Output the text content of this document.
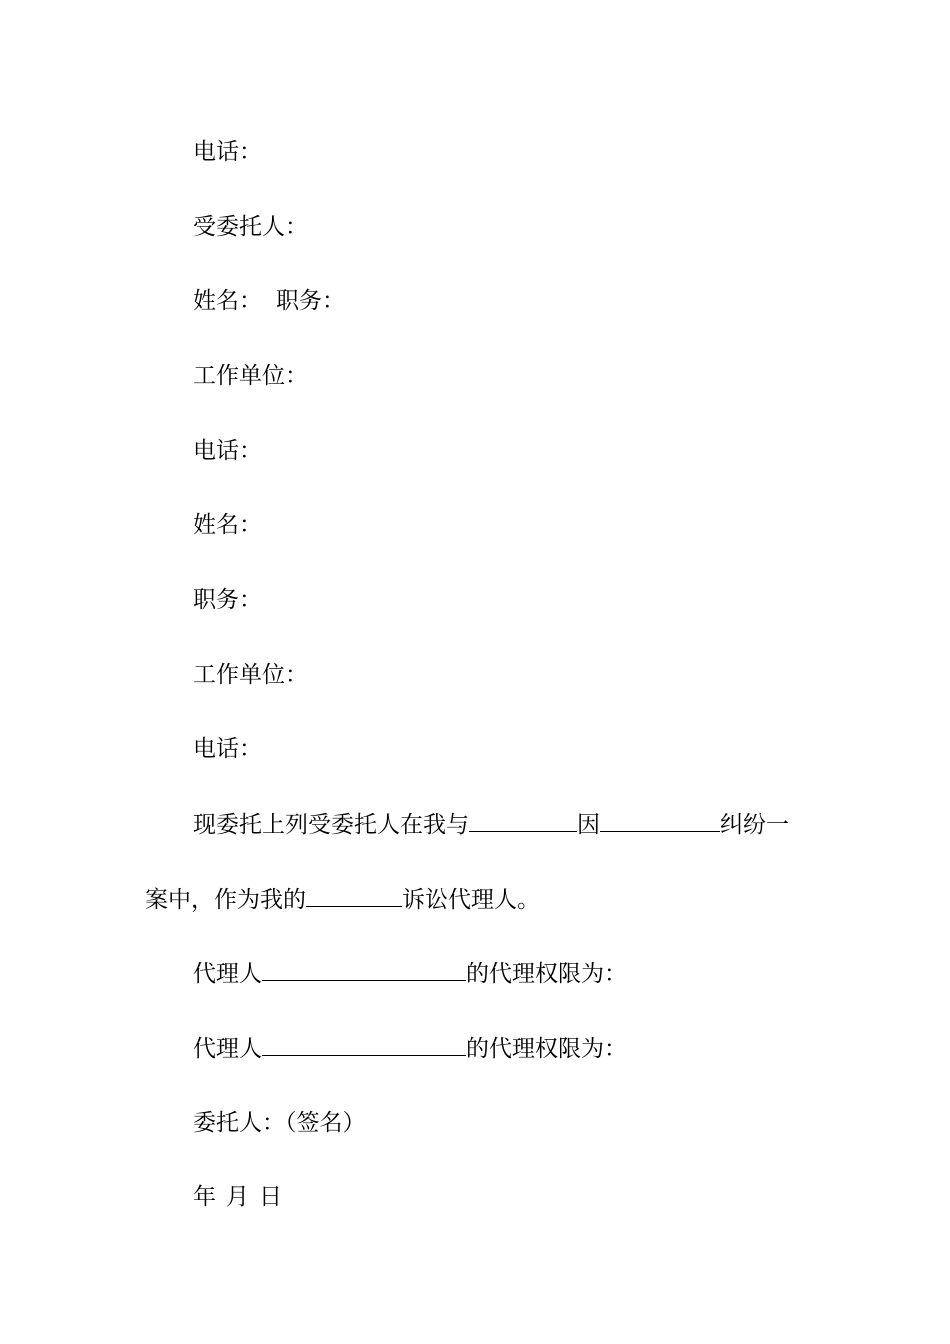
电话：
受委托人：
姓名： 职务：
工作单位：
电话：
姓名：
职务：
工作单位：
电话：
现委托上列受委托人在我与	因	纠纷一
案中，作为我的	诉讼代理人。
代理人	的代理权限为：
代理人	的代理权限为：
委托人：（签名）
年 月 日
